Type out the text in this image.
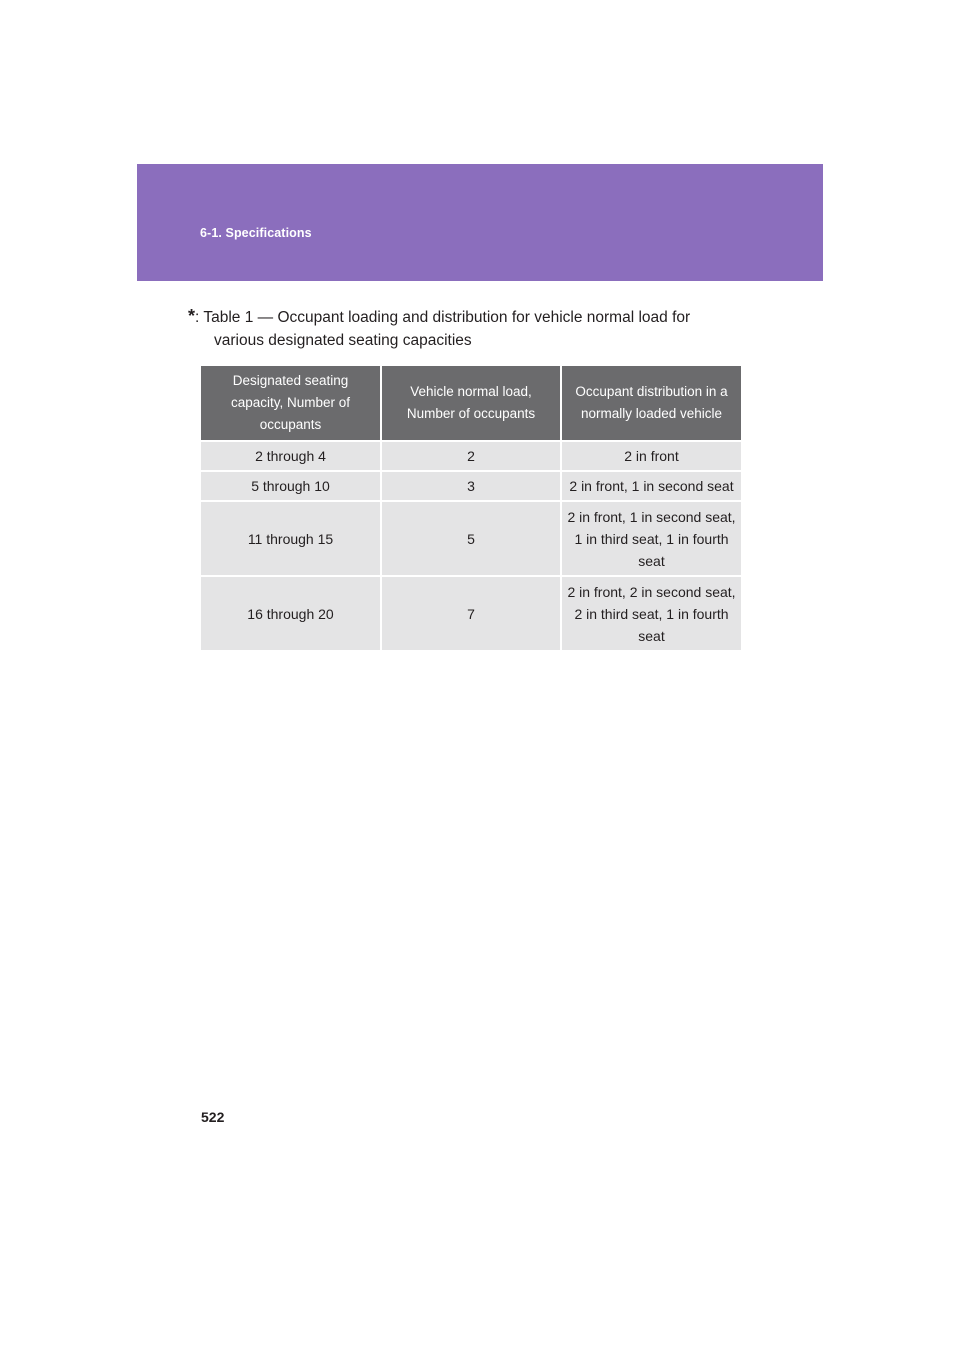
6-1. Specifications
*: Table 1 — Occupant loading and distribution for vehicle normal load for
various designated seating capacities
Designated seating capacity, Number of occupants	Vehicle normal load, Number of occupants	Occupant distribution in a normally loaded vehicle
2 through 4	2	2 in front
5 through 10	3	2 in front, 1 in second seat
11 through 15	5	2 in front, 1 in second seat, 1 in third seat, 1 in fourth seat
16 through 20	7	2 in front, 2 in second seat, 2 in third seat, 1 in fourth seat
522
